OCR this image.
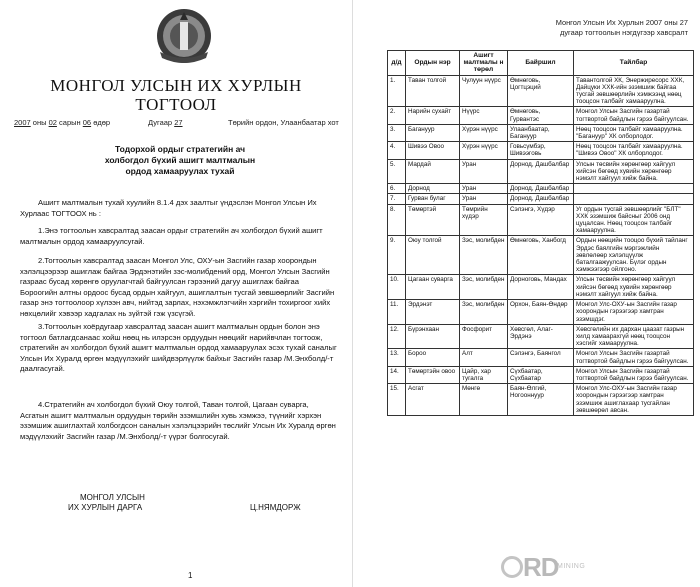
МОНГОЛ УЛСЫН ИХ ХУРЛЫН
ТОГТООЛ
2007 оны 02 сарын 06 өдөр	Дугаар 27	Төрийн ордон, Улаанбаатар хот
Тодорхой ордыг стратегийн ач
холбогдол бүхий ашигт малтмалын
ордод хамааруулах тухай
Ашигт малтмалын тухай хуулийн 8.1.4 дэх заалтыг үндэслэн Монгол Улсын Их Хурлаас ТОГТООХ нь :
1.Энэ тогтоолын хавсралтад заасан ордыг стратегийн ач холбогдол бүхий ашигт малтмалын ордод хамааруулсугай.
2.Тогтоолын хавсралтад заасан Монгол Улс, ОХУ-ын Засгийн газар хоорондын хэлэлцээрээр ашиглаж байгаа Эрдэнэтийн зэс-молибдений орд, Монгол Улсын Засгийн газраас бусад хөрөнгө оруулагчтай байгуулсан гэрээний дагуу ашиглаж байгаа Бороогийн алтны ордоос бусад ордын хайгуул, ашиглалтын тусгай зөвшөөрлийг Засгийн газар энэ тогтоолоор хүлээн авч, нийтэд зарлах, нэхэмжлэгчийн хэргийн тохиргоог хийх нөхцөлийг хэвээр хадгалах нь зүйтэй гэж үзсүгэй.
3.Тогтоолын хоёрдугаар хавсралтад заасан ашигт малтмалын ордын болон энэ тогтоол батлагдсанаас хойш нөөц нь илэрсэн ордуудын нөөцийг нарийвчлан тогтоож, стратегийн ач холбогдол бүхий ашигт малтмалын ордод хамааруулах эсэх тухай саналыг Улсын Их Хуралд өргөн мэдүүлэхийг шийдвэрлүүлж байхыг Засгийн газар /М.Энхболд/-т даалгасугай.
4.Стратегийн ач холбогдол бүхий Оюу толгой, Таван толгой, Цагаан суварга, Асгатын ашигт малтмалын ордуудын төрийн эзэмшлийн хувь хэмжээ, түүнийг хэрхэн эзэмшиж ашиглахтай холбогдсон саналын хэлэлцээрийн төслийг Улсын Их Хуралд өргөн мэдүүлэхийг Засгийн газар /М.Энхболд/-т үүрэг болгосугай.
МОНГОЛ УЛСЫН
ИХ ХУРЛЫН ДАРГА	Ц.НЯМДОРЖ
1
Монгол Улсын Их Хурлын 2007 оны 27
дугаар тогтоолын нэгдүгээр хавсралт
д/д	Ордын нэр	Ашигт малтмалы н төрөл	Байршил	Тайлбар
1.	Таван толгой	Чулуун нүүрс	Өмнөговь, Цогтцэций	Тавантолгой ХК, Энержиресорс ХХК, Дайцуки ХХК-ийн эзэмшиж байгаа тусгай зөвшөөрлийн хэмжээнд нөөц тооцсон талбайг хамааруулна.
2.	Нарийн сухайт	Нүүрс	Өмнөговь, Гурвантэс	Монгол Улсын Засгийн газартай тогтвортой байдлын гэрээ байгуулсан.
3.	Багануур	Хүрэн нүүрс	Улаанбаатар, Багануур	Нөөц тооцсон талбайг хамааруулна. "Багануур" ХК олборлодог.
4.	Шивээ Овоо	Хүрэн нүүрс	Говьсүмбэр, Шивээговь	Нөөц тооцсон талбайг хамааруулна. "Шивээ Овоо" ХК олборлодог.
5.	Мардай	Уран	Дорнод, Дашбалбар	Улсын төсвийн хөрөнгөөр хайгуул хийсэн бөгөөд хувийн хөрөнгөөр нэмэлт хайгуул хийж байна.
6.	Дорнод	Уран	Дорнод, Дашбалбар	
7.	Гурван булаг	Уран	Дорнод, Дашбалбар	
8.	Төмөртэй	Төмрийн хүдэр	Сэлэнгэ, Хүдэр	Уг ордын тусгай зөвшөөрлийг "БЛТ" ХХК эзэмшиж байсныг 2006 онд цуцалсан. Нөөц тооцсон талбайг хамааруулна.
9.	Оюу толгой	Зэс, молибден	Өмнөговь, Ханбогд	Ордын нөөцийн тооцоо бүхий тайланг Эрдэс баялгийн мэргэжлийн зөвлөлөөр хэлэлцүүлж баталгаажуулсан. Бүлэг ордын хэмжээгээр ойлгоно.
10.	Цагаан суварга	Зэс, молибден	Дорноговь, Мандах	Улсын төсвийн хөрөнгөөр хайгуул хийсэн бөгөөд хувийн хөрөнгөөр нэмэлт хайгуул хийж байна.
11.	Эрдэнэт	Зэс, молибден	Орхон, Баян-Өндөр	Монгол Улс-ОХУ-ын Засгийн газар хоорондын гэрээгээр хамтран эзэмшдэг.
12.	Бүрэнхаан	Фосфорит	Хөвсгөл, Алаг-Эрдэнэ	Хөвсгөлийн их дархан цаазат газрын хилд хамаарахгүй нөөц тооцсон хэсгийг хамааруулна.
13.	Бороо	Алт	Сэлэнгэ, Баянгол	Монгол Улсын Засгийн газартай тогтвортой байдлын гэрээ байгуулсан.
14.	Төмөртэйн овоо	Цайр, хар тугалга	Сүхбаатар, Сүхбаатар	Монгол Улсын Засгийн газартай тогтвортой байдлын гэрээ байгуулсан.
15.	Асгат	Мөнгө	Баян-Өлгий, Ногооннуур	Монгол Улс-ОХУ-ын Засгийн газар хоорондын гэрээгээр хамтран эзэмшиж ашиглахаар тусгайлан зөвшөөрөл авсан.
RD
MINING
